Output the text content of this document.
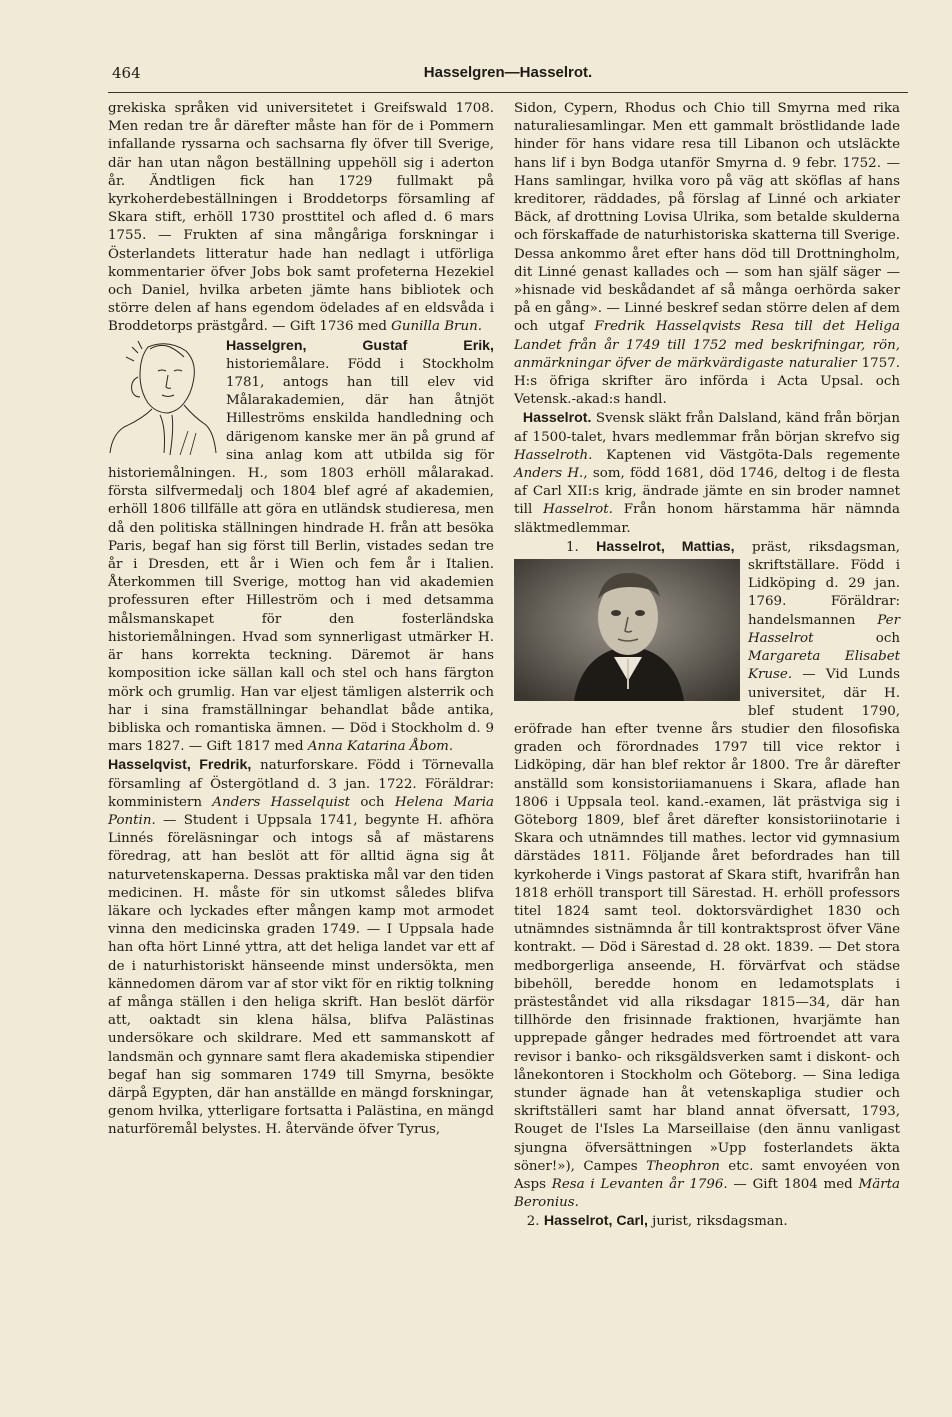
464	Hasselgren—Hasselrot.

grekiska språken vid universitetet i Greifswald 1708. Men redan tre år därefter måste han för de i Pommern infallande ryssarna och sachsarna fly öfver till Sverige, där han utan någon beställning uppehöll sig i aderton år. Ändtligen fick han 1729 fullmakt på kyrkoherdebeställningen i Broddetorps församling af Skara stift, erhöll 1730 prosttitel och afled d. 6 mars 1755. — Frukten af sina mångåriga forskningar i Österlandets litteratur hade han nedlagt i utförliga kommentarier öfver Jobs bok samt profeterna Hezekiel och Daniel, hvilka arbeten jämte hans bibliotek och större delen af hans egendom ödelades af en eldsvåda i Broddetorps prästgård. — Gift 1736 med Gunilla Brun.

Hasselgren, Gustaf Erik,
historiemålare. Född i Stockholm 1781, antogs han till elev vid Målarakademien, där han åtnjöt Hilleströms enskilda handledning och därigenom kanske mer än på grund af sina anlag kom att utbilda sig för historiemålningen. H., som 1803 erhöll målarakad. första silfvermedalj och 1804 blef agré af akademien, erhöll 1806 tillfälle att göra en utländsk studieresa, men då den politiska ställningen hindrade H. från att besöka Paris, begaf han sig först till Berlin, vistades sedan tre år i Dresden, ett år i Wien och fem år i Italien. Återkommen till Sverige, mottog han vid akademien professuren efter Hilleström och i med detsamma målsmanskapet för den fosterländska historiemålningen. Hvad som synnerligast utmärker H. är hans korrekta teckning. Däremot är hans komposition icke sällan kall och stel och hans färgton mörk och grumlig. Han var eljest tämligen alsterrik och har i sina framställningar behandlat både antika, bibliska och romantiska ämnen. — Död i Stockholm d. 9 mars 1827. — Gift 1817 med Anna Katarina Åbom.

Hasselqvist, Fredrik, naturforskare. Född i Törnevalla församling af Östergötland d. 3 jan. 1722. Föräldrar: komministern Anders Hasselquist och Helena Maria Pontin. — Student i Uppsala 1741, begynte H. afhöra Linnés föreläsningar och intogs så af mästarens föredrag, att han beslöt att för alltid ägna sig åt naturvetenskaperna. Dessas praktiska mål var den tiden medicinen. H. måste för sin utkomst således blifva läkare och lyckades efter mången kamp mot armodet vinna den medicinska graden 1749. — I Uppsala hade han ofta hört Linné yttra, att det heliga landet var ett af de i naturhistoriskt hänseende minst undersökta, men kännedomen därom var af stor vikt för en riktig tolkning af många ställen i den heliga skrift. Han beslöt därför att, oaktadt sin klena hälsa, blifva Palästinas undersökare och skildrare. Med ett sammanskott af landsmän och gynnare samt flera akademiska stipendier begaf han sig sommaren 1749 till Smyrna, besökte därpå Egypten, där han anställde en mängd forskningar, genom hvilka, ytterligare fortsatta i Palästina, en mängd naturföremål belystes. H. återvände öfver Tyrus,

Sidon, Cypern, Rhodus och Chio till Smyrna med rika naturaliesamlingar. Men ett gammalt bröstlidande lade hinder för hans vidare resa till Libanon och utsläckte hans lif i byn Bodga utanför Smyrna d. 9 febr. 1752. — Hans samlingar, hvilka voro på väg att sköflas af hans kreditorer, räddades, på förslag af Linné och arkiater Bäck, af drottning Lovisa Ulrika, som betalde skulderna och förskaffade de naturhistoriska skatterna till Sverige. Dessa ankommo året efter hans död till Drottningholm, dit Linné genast kallades och — som han själf säger — »hisnade vid beskådandet af så många oerhörda saker på en gång». — Linné beskref sedan större delen af dem och utgaf Fredrik Hasselqvists Resa till det Heliga Landet från år 1749 till 1752 med beskrifningar, rön, anmärkningar öfver de märkvärdigaste naturalier 1757. H:s öfriga skrifter äro införda i Acta Upsal. och Vetensk.-akad:s handl.

Hasselrot. Svensk släkt från Dalsland, känd från början af 1500-talet, hvars medlemmar från början skrefvo sig Hasselroth. Kaptenen vid Västgöta-Dals regemente Anders H., som, född 1681, död 1746, deltog i de flesta af Carl XII:s krig, ändrade jämte en sin broder namnet till Hasselrot. Från honom härstamma här nämnda släktmedlemmar.

1. Hasselrot, Mattias,
präst, riksdagsman, skriftställare. Född i Lidköping d. 29 jan. 1769. Föräldrar: handelsmannen Per Hasselrot och Margareta Elisabet Kruse. — Vid Lunds universitet, där H. blef student 1790, eröfrade han efter tvenne års studier den filosofiska graden och förordnades 1797 till vice rektor i Lidköping, där han blef rektor år 1800. Tre år därefter anställd som konsistoriiamanuens i Skara, aflade han 1806 i Uppsala teol. kand.-examen, lät prästviga sig i Göteborg 1809, blef året därefter konsistoriinotarie i Skara och utnämndes till mathes. lector vid gymnasium därstädes 1811. Följande året befordrades han till kyrkoherde i Vings pastorat af Skara stift, hvarifrån han 1818 erhöll transport till Särestad. H. erhöll professors titel 1824 samt teol. doktorsvärdighet 1830 och utnämndes sistnämnda år till kontraktsprost öfver Väne kontrakt. — Död i Särestad d. 28 okt. 1839. — Det stora medborgerliga anseende, H. förvärfvat och städse bibehöll, beredde honom en ledamotsplats i prästeståndet vid alla riksdagar 1815—34, där han tillhörde den frisinnade fraktionen, hvarjämte han upprepade gånger hedrades med förtroendet att vara revisor i banko- och riksgäldsverken samt i diskont- och lånekontoren i Stockholm och Göteborg. — Sina lediga stunder ägnade han åt vetenskapliga studier och skriftställeri samt har bland annat öfversatt, 1793, Rouget de l'Isles La Marseillaise (den ännu vanligast sjungna öfversättningen »Upp fosterlandets äkta söner!»), Campes Theophron etc. samt envoyéen von Asps Resa i Levanten år 1796. — Gift 1804 med Märta Beronius.

2. Hasselrot, Carl, jurist, riksdagsman.
